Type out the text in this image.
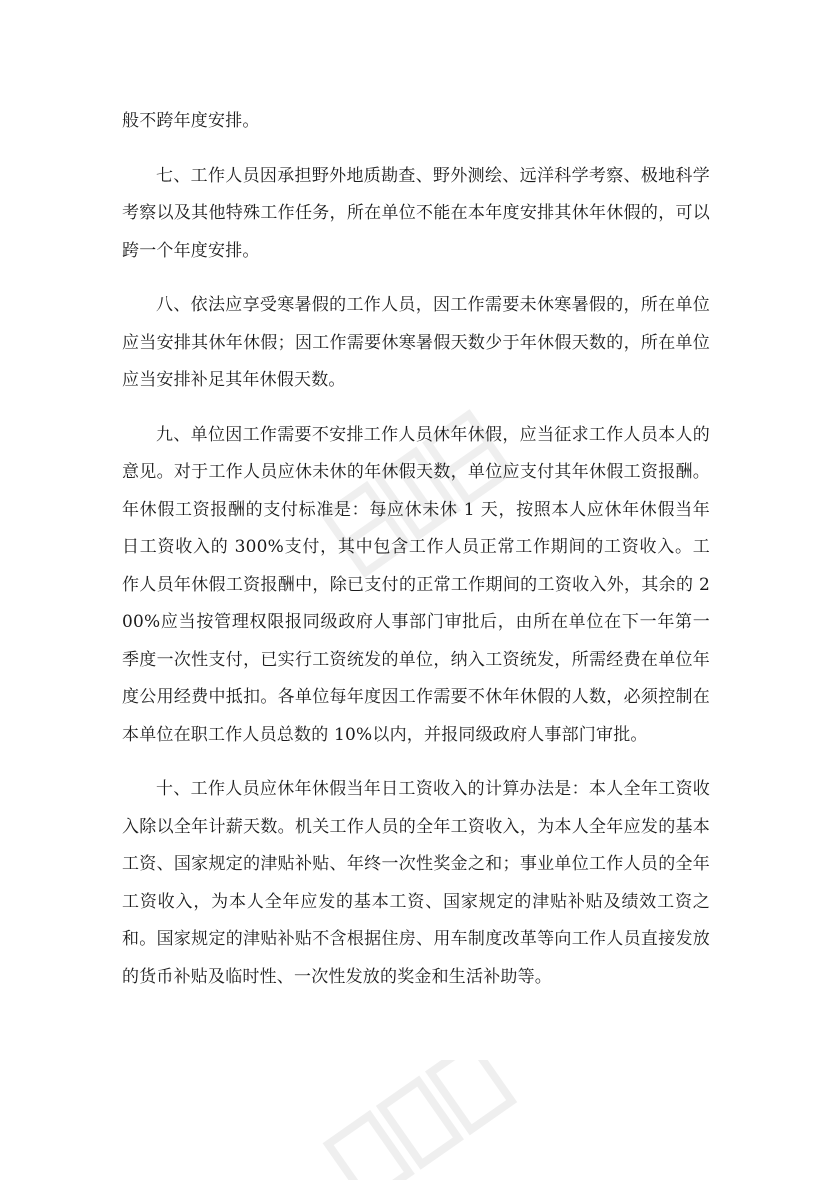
般不跨年度安排。

七、工作人员因承担野外地质勘查、野外测绘、远洋科学考察、极地科学考察以及其他特殊工作任务，所在单位不能在本年度安排其休年休假的，可以跨一个年度安排。

八、依法应享受寒暑假的工作人员，因工作需要未休寒暑假的，所在单位应当安排其休年休假；因工作需要休寒暑假天数少于年休假天数的，所在单位应当安排补足其年休假天数。

九、单位因工作需要不安排工作人员休年休假，应当征求工作人员本人的意见。对于工作人员应休未休的年休假天数，单位应支付其年休假工资报酬。年休假工资报酬的支付标准是：每应休未休 1 天，按照本人应休年休假当年日工资收入的 300%支付，其中包含工作人员正常工作期间的工资收入。工作人员年休假工资报酬中，除已支付的正常工作期间的工资收入外，其余的 200%应当按管理权限报同级政府人事部门审批后，由所在单位在下一年第一季度一次性支付，已实行工资统发的单位，纳入工资统发，所需经费在单位年度公用经费中抵扣。各单位每年度因工作需要不休年休假的人数，必须控制在本单位在职工作人员总数的 10%以内，并报同级政府人事部门审批。

十、工作人员应休年休假当年日工资收入的计算办法是：本人全年工资收入除以全年计薪天数。机关工作人员的全年工资收入，为本人全年应发的基本工资、国家规定的津贴补贴、年终一次性奖金之和；事业单位工作人员的全年工资收入，为本人全年应发的基本工资、国家规定的津贴补贴及绩效工资之和。国家规定的津贴补贴不含根据住房、用车制度改革等向工作人员直接发放的货币补贴及临时性、一次性发放的奖金和生活补助等。
